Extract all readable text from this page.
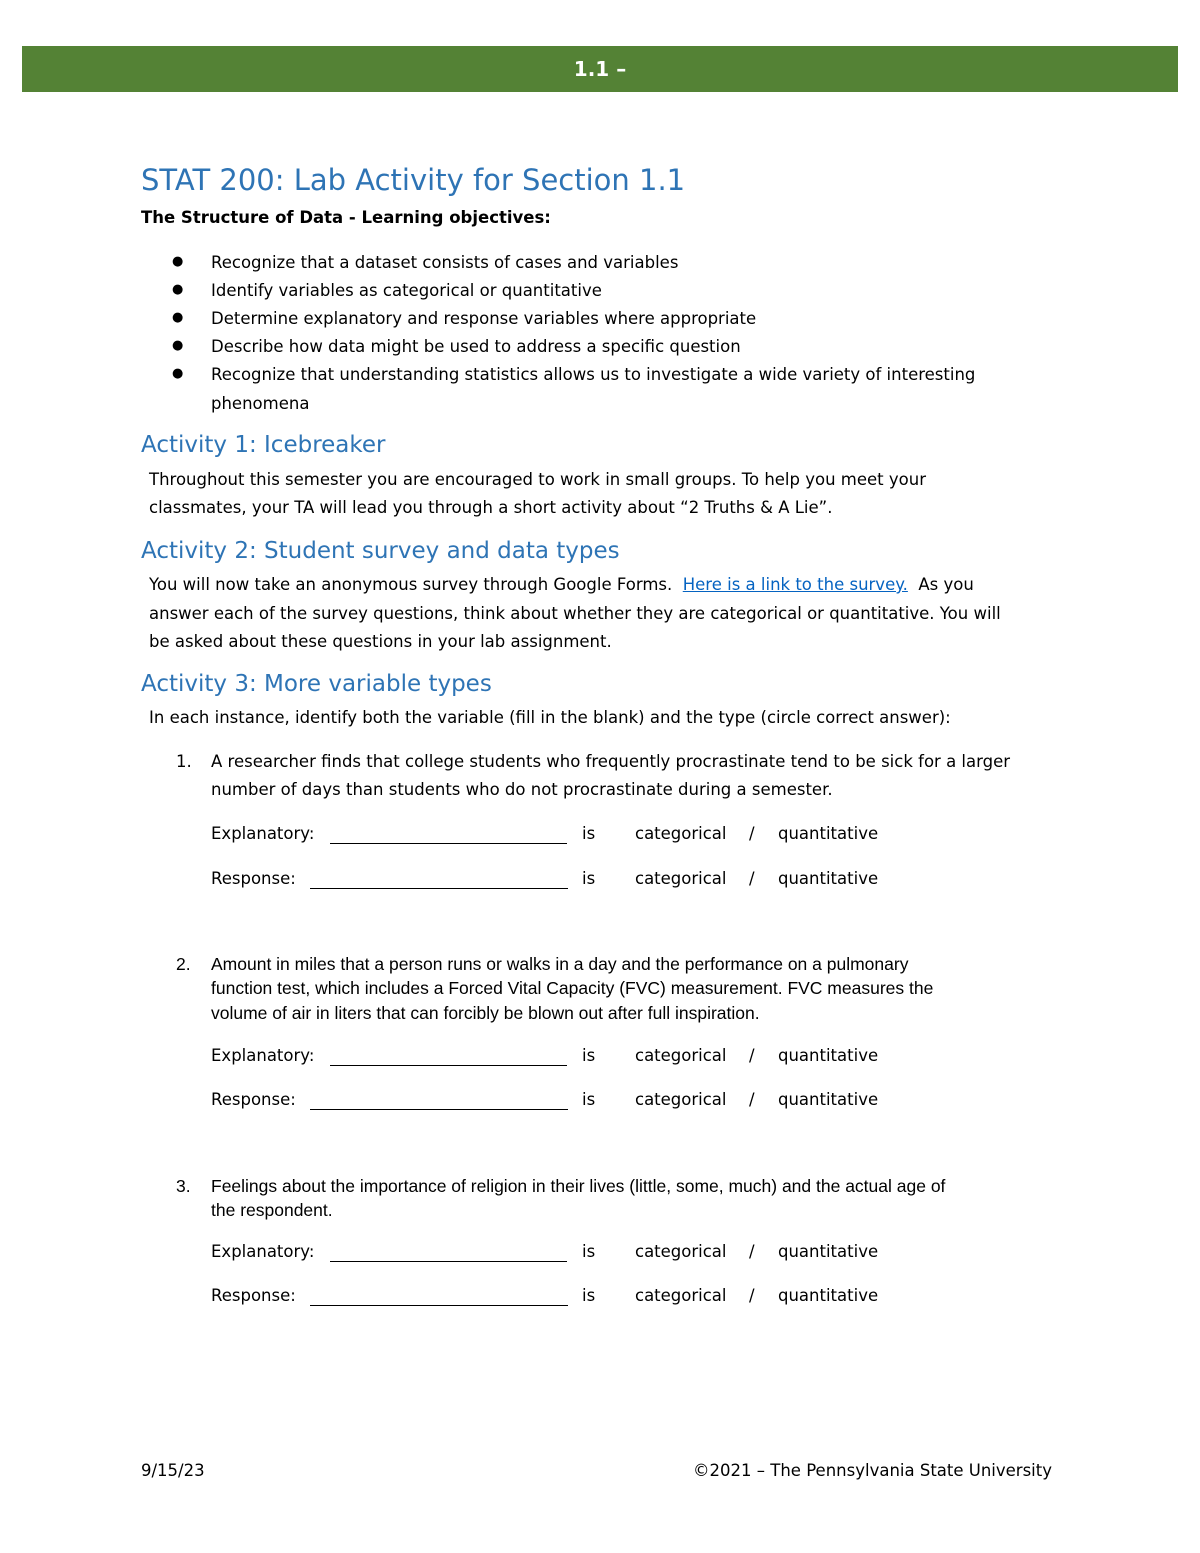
1.1 –
STAT 200: Lab Activity for Section 1.1
The Structure of Data - Learning objectives:
● Recognize that a dataset consists of cases and variables
● Identify variables as categorical or quantitative
● Determine explanatory and response variables where appropriate
● Describe how data might be used to address a specific question
● Recognize that understanding statistics allows us to investigate a wide variety of interesting
phenomena
Activity 1: Icebreaker
Throughout this semester you are encouraged to work in small groups. To help you meet your
classmates, your TA will lead you through a short activity about “2 Truths & A Lie”.
Activity 2: Student survey and data types
You will now take an anonymous survey through Google Forms.  Here is a link to the survey.  As you
answer each of the survey questions, think about whether they are categorical or quantitative. You will
be asked about these questions in your lab assignment.
Activity 3: More variable types
In each instance, identify both the variable (fill in the blank) and the type (circle correct answer):
1. A researcher finds that college students who frequently procrastinate tend to be sick for a larger
number of days than students who do not procrastinate during a semester.
Explanatory:	is categorical / quantitative
Response:	is categorical / quantitative
2. Amount in miles that a person runs or walks in a day and the performance on a pulmonary
function test, which includes a Forced Vital Capacity (FVC) measurement. FVC measures the
volume of air in liters that can forcibly be blown out after full inspiration.
Explanatory:	is categorical / quantitative
Response:	is categorical / quantitative
3. Feelings about the importance of religion in their lives (little, some, much) and the actual age of
the respondent.
Explanatory:	is categorical / quantitative
Response:	is categorical / quantitative
9/15/23	©2021 – The Pennsylvania State University
